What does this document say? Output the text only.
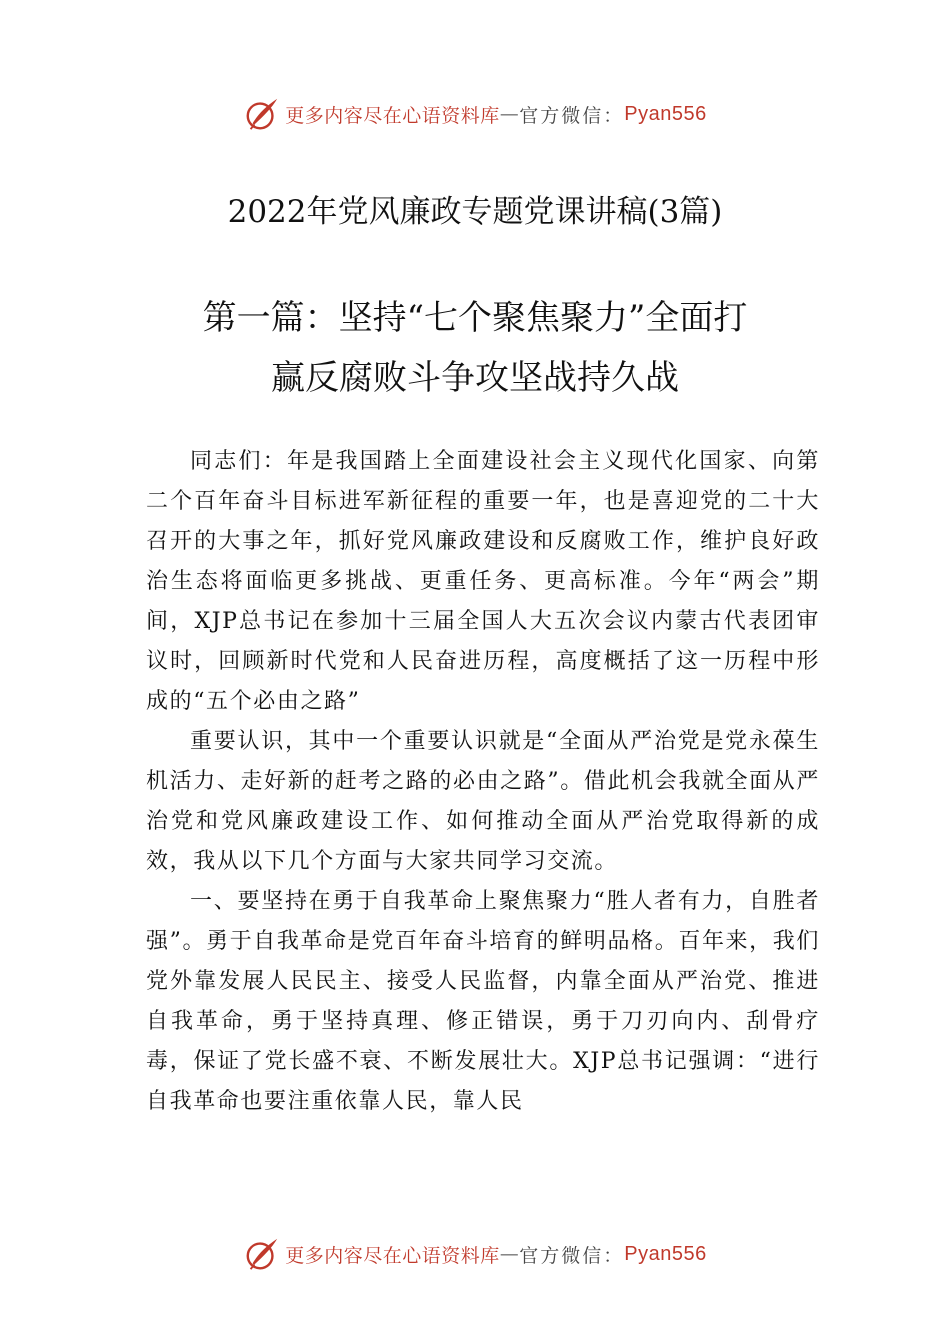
更多内容尽在心语资料库 — 官方微信： Pyan556
2022年党风廉政专题党课讲稿(3篇)
第一篇：坚持“七个聚焦聚力”全面打
赢反腐败斗争攻坚战持久战

同志们：年是我国踏上全面建设社会主义现代化国家、向第二个百年奋斗目标进军新征程的重要一年，也是喜迎党的二十大召开的大事之年，抓好党风廉政建设和反腐败工作，维护良好政治生态将面临更多挑战、更重任务、更高标准。今年“两会”期间，XJP总书记在参加十三届全国人大五次会议内蒙古代表团审议时，回顾新时代党和人民奋进历程，高度概括了这一历程中形成的“五个必由之路”

重要认识，其中一个重要认识就是“全面从严治党是党永葆生机活力、走好新的赶考之路的必由之路”。借此机会我就全面从严治党和党风廉政建设工作、如何推动全面从严治党取得新的成效，我从以下几个方面与大家共同学习交流。

一、要坚持在勇于自我革命上聚焦聚力“胜人者有力，自胜者强”。勇于自我革命是党百年奋斗培育的鲜明品格。百年来，我们党外靠发展人民民主、接受人民监督，内靠全面从严治党、推进自我革命，勇于坚持真理、修正错误，勇于刀刃向内、刮骨疗毒，保证了党长盛不衰、不断发展壮大。XJP总书记强调：“进行自我革命也要注重依靠人民，靠人民

更多内容尽在心语资料库 — 官方微信： Pyan556
